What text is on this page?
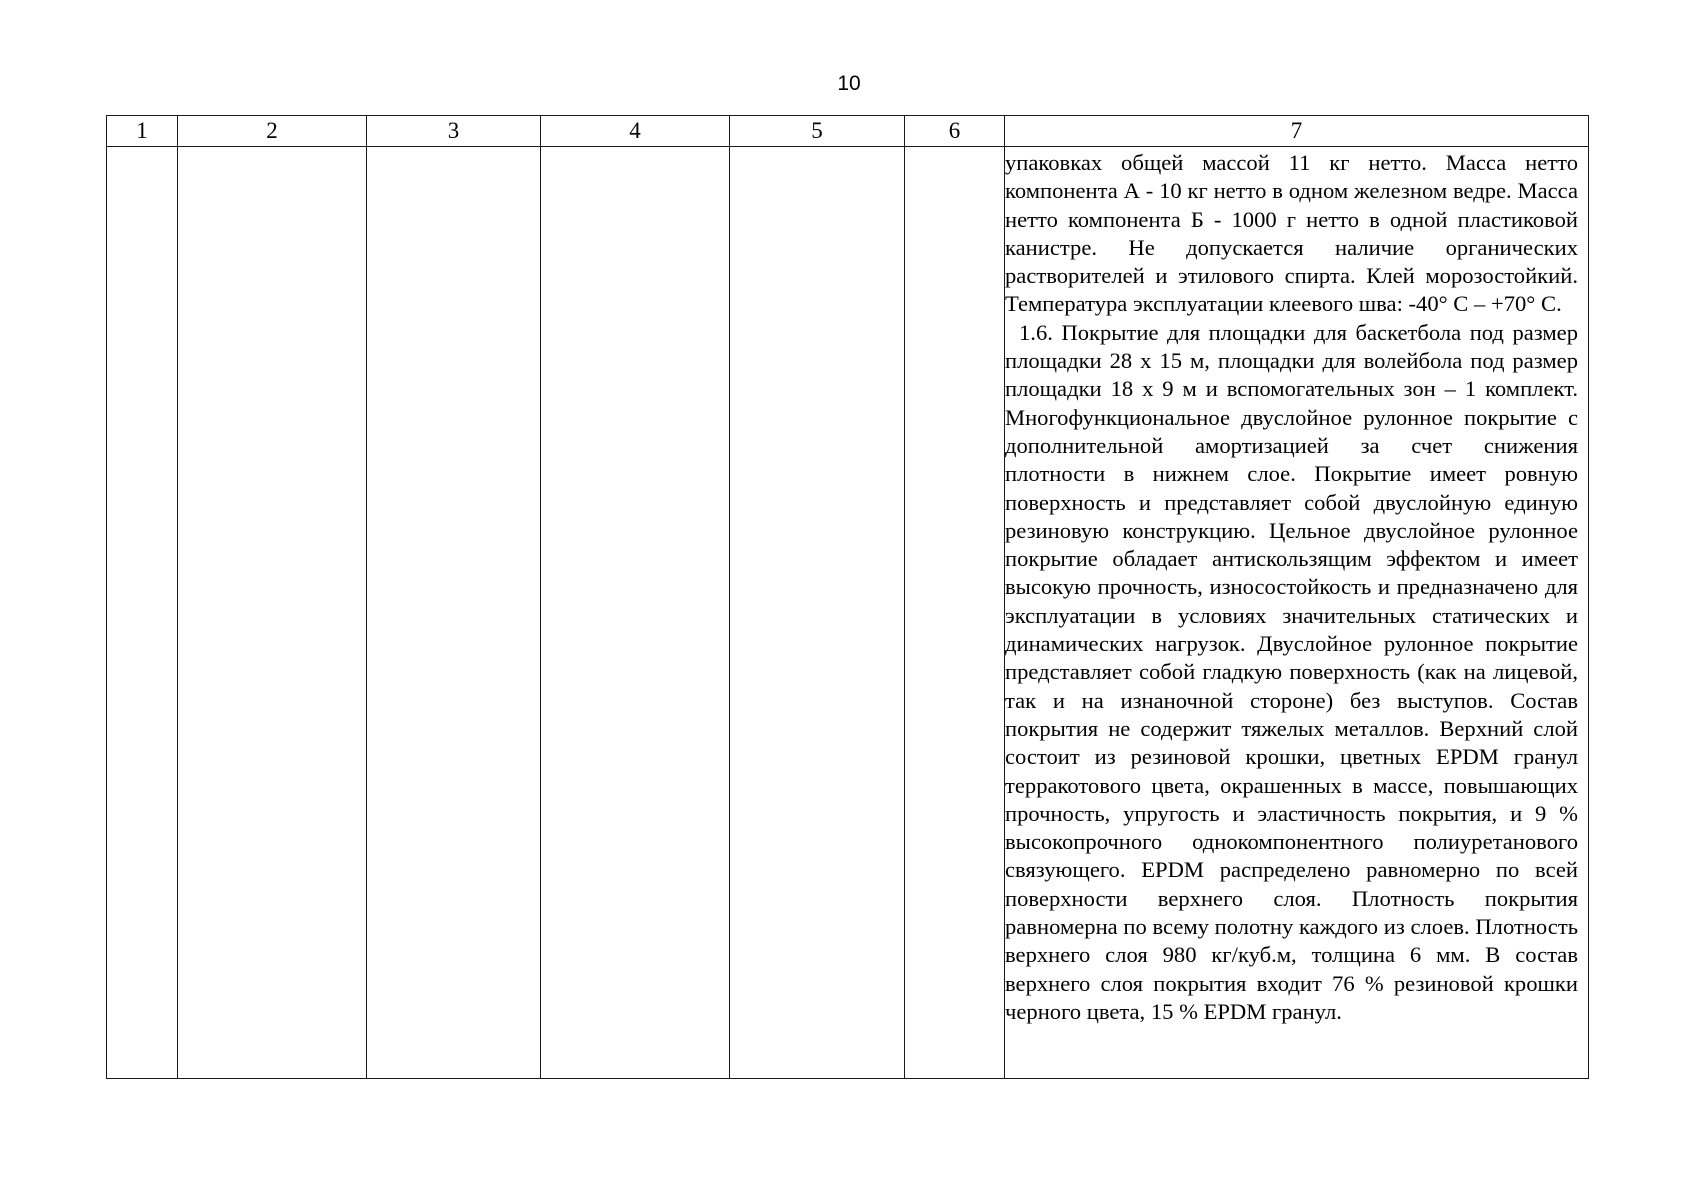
10
1	2	3	4	5	6	7

						упаковках общей массой 11 кг нетто. Масса нетто компонента А - 10 кг нетто в одном железном ведре. Масса нетто компонента Б - 1000 г нетто в одной пластиковой канистре. Не допускается наличие органических растворителей и этилового спирта. Клей морозостойкий. Температура эксплуатации клеевого шва: -40° С – +70° С.

1.6. Покрытие для площадки для баскетбола под размер площадки 28 х 15 м, площадки для волейбола под размер площадки 18 х 9 м и вспомогательных зон – 1 комплект. Многофункциональное двуслойное рулонное покрытие с дополнительной амортизацией за счет снижения плотности в нижнем слое. Покрытие имеет ровную поверхность и представляет собой двуслойную единую резиновую конструкцию. Цельное двуслойное рулонное покрытие обладает антискользящим эффектом и имеет высокую прочность, износостойкость и предназначено для эксплуатации в условиях значительных статических и динамических нагрузок. Двуслойное рулонное покрытие представляет собой гладкую поверхность (как на лицевой, так и на изнаночной стороне) без выступов. Состав покрытия не содержит тяжелых металлов. Верхний слой состоит из резиновой крошки, цветных EPDM гранул терракотового цвета, окрашенных в массе, повышающих прочность, упругость и эластичность покрытия, и 9 % высокопрочного однокомпонентного полиуретанового связующего. EPDM распределено равномерно по всей поверхности верхнего слоя. Плотность покрытия равномерна по всему полотну каждого из слоев. Плотность верхнего слоя 980 кг/куб.м, толщина 6 мм. В состав верхнего слоя покрытия входит 76 % резиновой крошки черного цвета, 15 % EPDM гранул.
